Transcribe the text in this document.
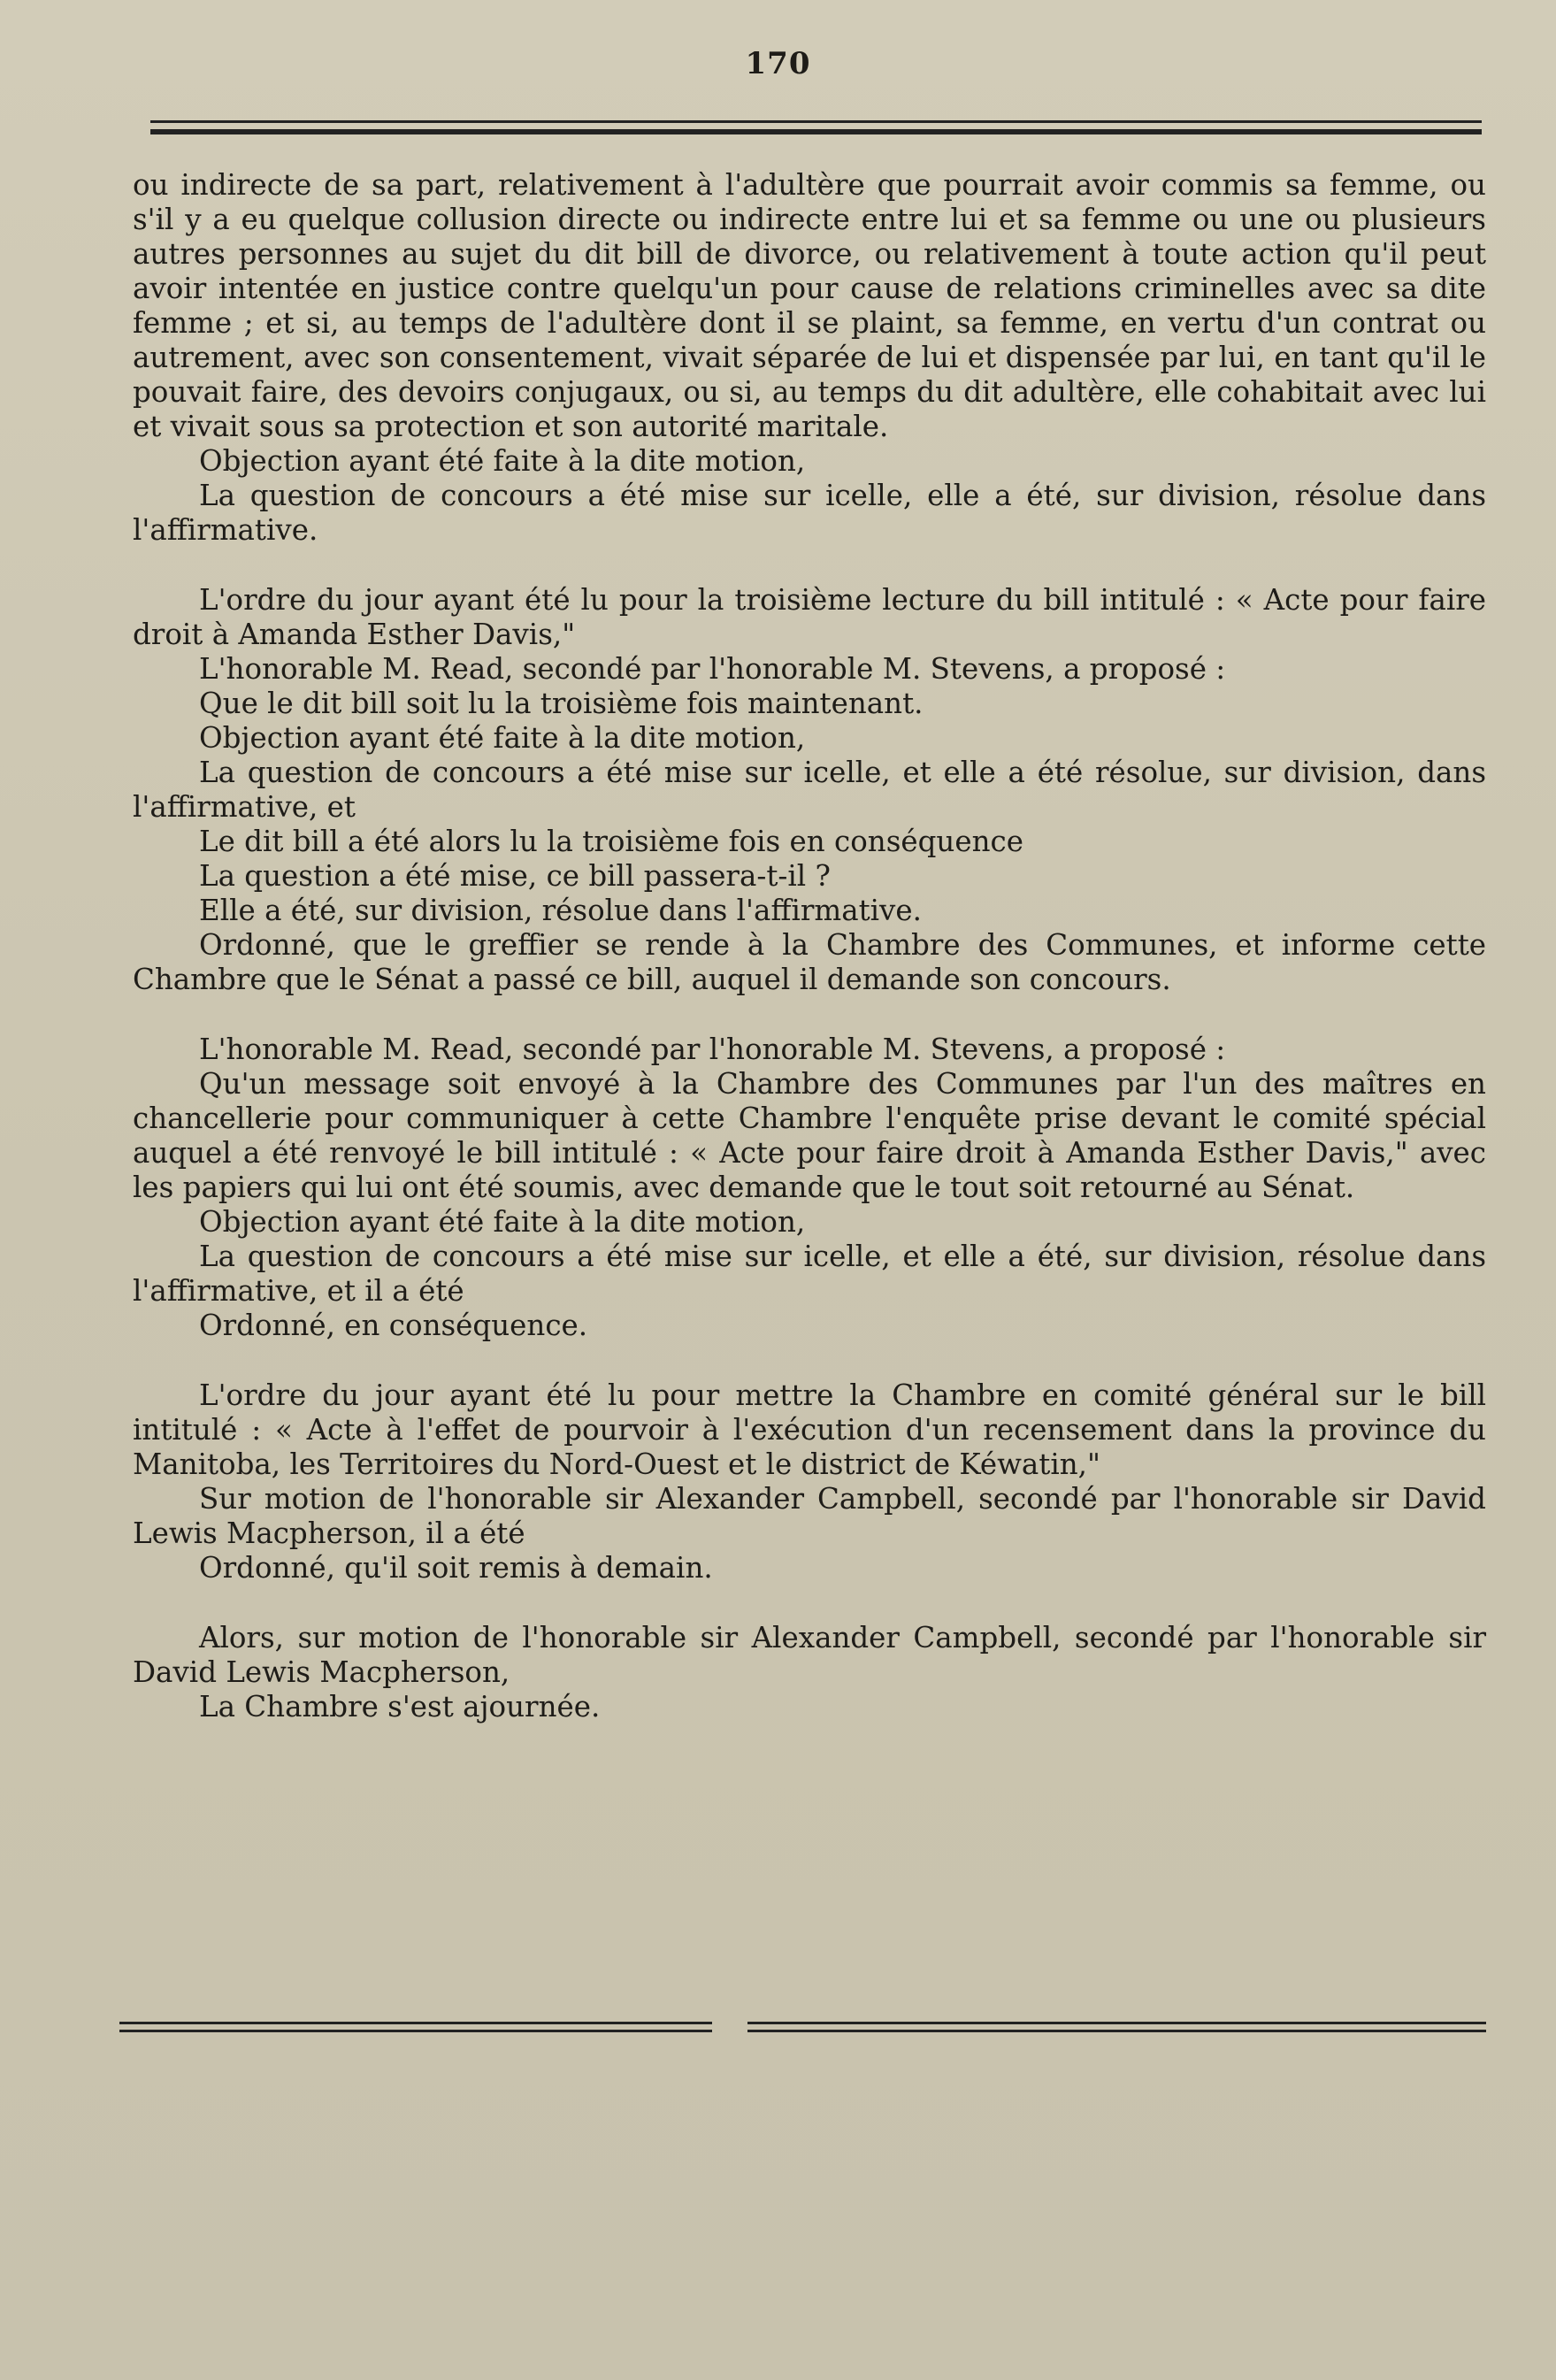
170

ou indirecte de sa part, relativement à l'adultère que pourrait avoir commis sa femme, ou s'il y a eu quelque collusion directe ou indirecte entre lui et sa femme ou une ou plusieurs autres personnes au sujet du dit bill de divorce, ou relativement à toute action qu'il peut avoir intentée en justice contre quelqu'un pour cause de relations criminelles avec sa dite femme ; et si, au temps de l'adultère dont il se plaint, sa femme, en vertu d'un contrat ou autrement, avec son consentement, vivait séparée de lui et dispensée par lui, en tant qu'il le pouvait faire, des devoirs conjugaux, ou si, au temps du dit adultère, elle cohabitait avec lui et vivait sous sa protection et son autorité maritale.

Objection ayant été faite à la dite motion,

La question de concours a été mise sur icelle, elle a été, sur division, résolue dans l'affirmative.

L'ordre du jour ayant été lu pour la troisième lecture du bill intitulé : « Acte pour faire droit à Amanda Esther Davis,"

L'honorable M. Read, secondé par l'honorable M. Stevens, a proposé :

Que le dit bill soit lu la troisième fois maintenant.

Objection ayant été faite à la dite motion,

La question de concours a été mise sur icelle, et elle a été résolue, sur division, dans l'affirmative, et

Le dit bill a été alors lu la troisième fois en conséquence

La question a été mise, ce bill passera-t-il ?

Elle a été, sur division, résolue dans l'affirmative.

Ordonné, que le greffier se rende à la Chambre des Communes, et informe cette Chambre que le Sénat a passé ce bill, auquel il demande son concours.

L'honorable M. Read, secondé par l'honorable M. Stevens, a proposé :

Qu'un message soit envoyé à la Chambre des Communes par l'un des maîtres en chancellerie pour communiquer à cette Chambre l'enquête prise devant le comité spécial auquel a été renvoyé le bill intitulé : « Acte pour faire droit à Amanda Esther Davis," avec les papiers qui lui ont été soumis, avec demande que le tout soit retourné au Sénat.

Objection ayant été faite à la dite motion,

La question de concours a été mise sur icelle, et elle a été, sur division, résolue dans l'affirmative, et il a été

Ordonné, en conséquence.

L'ordre du jour ayant été lu pour mettre la Chambre en comité général sur le bill intitulé : « Acte à l'effet de pourvoir à l'exécution d'un recensement dans la province du Manitoba, les Territoires du Nord-Ouest et le district de Kéwatin,"

Sur motion de l'honorable sir Alexander Campbell, secondé par l'honorable sir David Lewis Macpherson, il a été

Ordonné, qu'il soit remis à demain.

Alors, sur motion de l'honorable sir Alexander Campbell, secondé par l'honorable sir David Lewis Macpherson,

La Chambre s'est ajournée.
